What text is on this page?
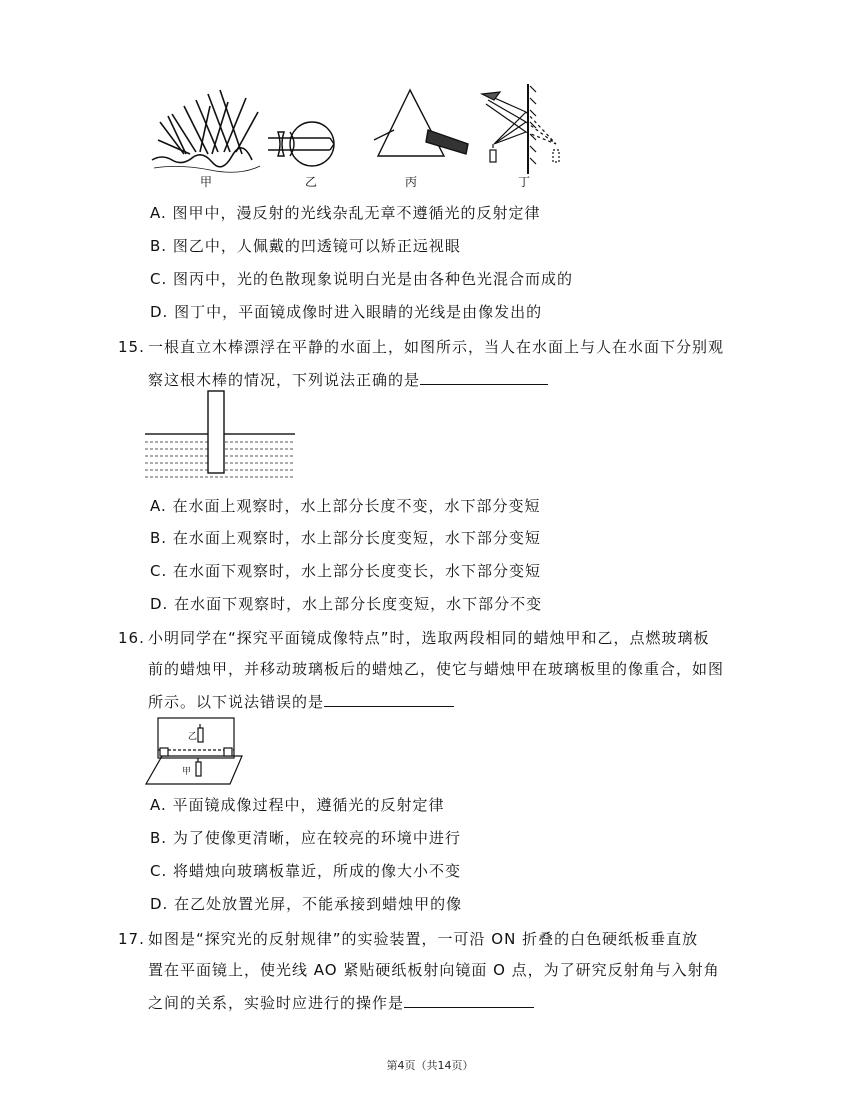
甲	乙	丙	丁
A. 图甲中，漫反射的光线杂乱无章不遵循光的反射定律
B. 图乙中，人佩戴的凹透镜可以矫正远视眼
C. 图丙中，光的色散现象说明白光是由各种色光混合而成的
D. 图丁中，平面镜成像时进入眼睛的光线是由像发出的
15. 一根直立木棒漂浮在平静的水面上，如图所示，当人在水面上与人在水面下分别观
察这根木棒的情况，下列说法正确的是
A. 在水面上观察时，水上部分长度不变，水下部分变短
B. 在水面上观察时，水上部分长度变短，水下部分变短
C. 在水面下观察时，水上部分长度变长，水下部分变短
D. 在水面下观察时，水上部分长度变短，水下部分不变
16. 小明同学在“探究平面镜成像特点”时，选取两段相同的蜡烛甲和乙，点燃玻璃板
前的蜡烛甲，并移动玻璃板后的蜡烛乙，使它与蜡烛甲在玻璃板里的像重合，如图
所示。以下说法错误的是
乙
甲
A. 平面镜成像过程中，遵循光的反射定律
B. 为了使像更清晰，应在较亮的环境中进行
C. 将蜡烛向玻璃板靠近，所成的像大小不变
D. 在乙处放置光屏，不能承接到蜡烛甲的像
17. 如图是“探究光的反射规律”的实验装置，一可沿 ON 折叠的白色硬纸板垂直放
置在平面镜上，使光线 AO 紧贴硬纸板射向镜面 O 点，为了研究反射角与入射角
之间的关系，实验时应进行的操作是
第4页（共14页）
